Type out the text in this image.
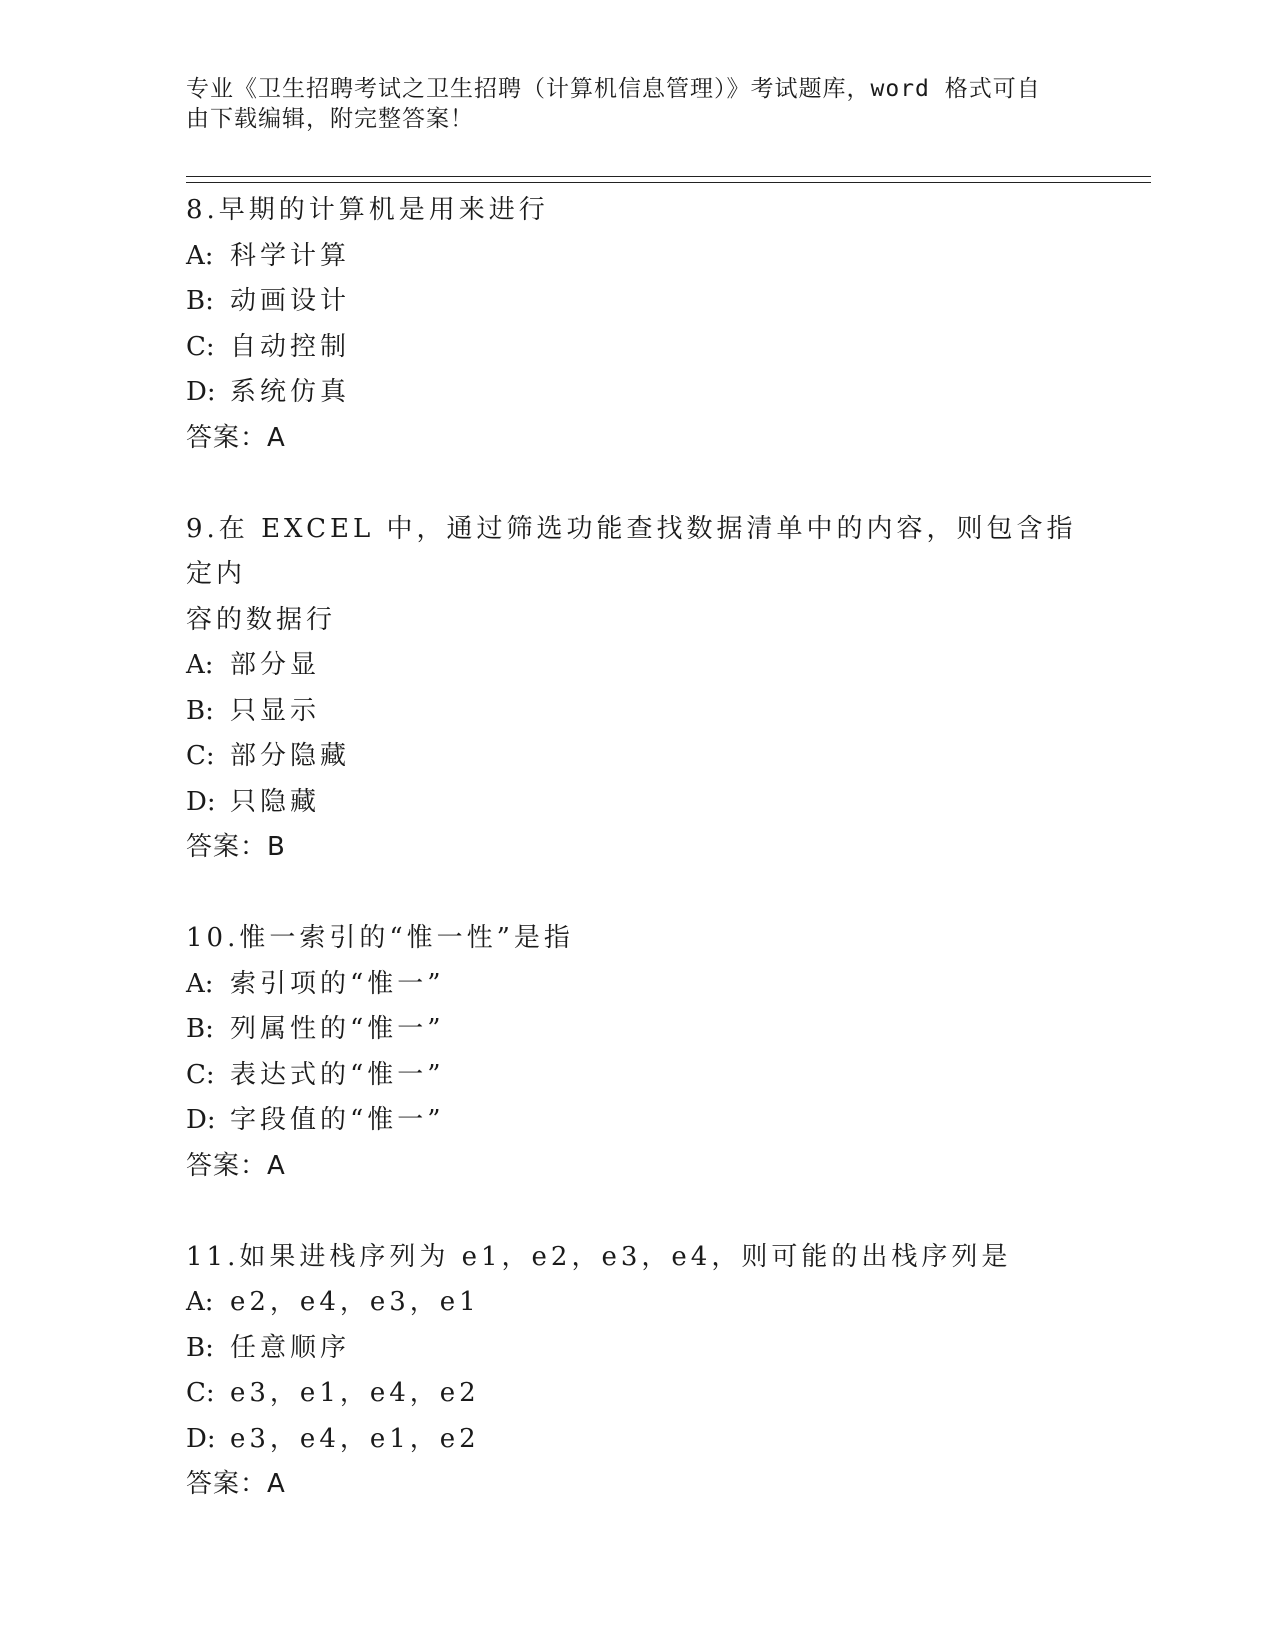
专业《卫生招聘考试之卫生招聘（计算机信息管理）》考试题库，word 格式可自
由下载编辑，附完整答案！
8.早期的计算机是用来进行
A: 科学计算
B: 动画设计
C: 自动控制
D: 系统仿真
答案：A
9.在 EXCEL 中，通过筛选功能查找数据清单中的内容，则包含指定内
容的数据行
A: 部分显
B: 只显示
C: 部分隐藏
D: 只隐藏
答案：B
10.惟一索引的“惟一性”是指
A: 索引项的“惟一”
B: 列属性的“惟一”
C: 表达式的“惟一”
D: 字段值的“惟一”
答案：A
11.如果进栈序列为 e1，e2，e3，e4，则可能的出栈序列是
A: e2，e4，e3，e1
B: 任意顺序
C: e3，e1，e4，e2
D: e3，e4，e1，e2
答案：A
